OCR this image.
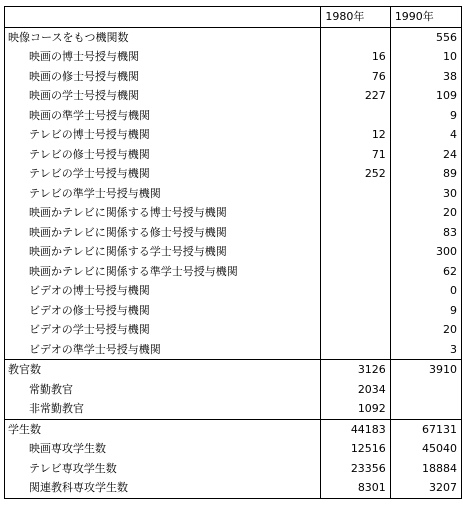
	1980年	1990年
映像コースをもつ機関数		556
映画の博士号授与機関	16	10
映画の修士号授与機関	76	38
映画の学士号授与機関	227	109
映画の準学士号授与機関		9
テレビの博士号授与機関	12	4
テレビの修士号授与機関	71	24
テレビの学士号授与機関	252	89
テレビの準学士号授与機関		30
映画かテレビに関係する博士号授与機関		20
映画かテレビに関係する修士号授与機関		83
映画かテレビに関係する学士号授与機関		300
映画かテレビに関係する準学士号授与機関		62
ビデオの博士号授与機関		0
ビデオの修士号授与機関		9
ビデオの学士号授与機関		20
ビデオの準学士号授与機関		3
教官数	3126	3910
常勤教官	2034	
非常勤教官	1092	
学生数	44183	67131
映画専攻学生数	12516	45040
テレビ専攻学生数	23356	18884
関連教科専攻学生数	8301	3207
